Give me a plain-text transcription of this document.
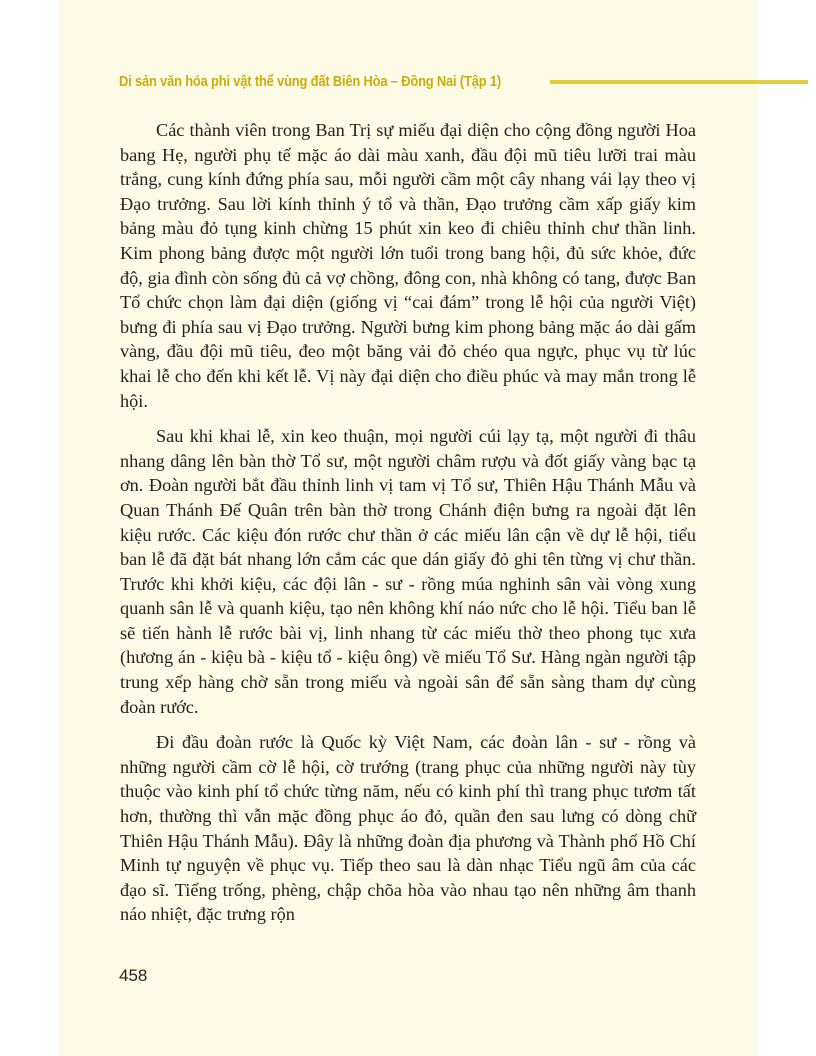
Di sản văn hóa phi vật thể vùng đất Biên Hòa – Đồng Nai (Tập 1)

Các thành viên trong Ban Trị sự miếu đại diện cho cộng đồng người Hoa bang Hẹ, người phụ tế mặc áo dài màu xanh, đầu đội mũ tiêu lưỡi trai màu trắng, cung kính đứng phía sau, mỗi người cầm một cây nhang vái lạy theo vị Đạo trưởng. Sau lời kính thỉnh ý tổ và thần, Đạo trưởng cầm xấp giấy kim bảng màu đỏ tụng kinh chừng 15 phút xin keo đi chiêu thỉnh chư thần linh. Kim phong bảng được một người lớn tuổi trong bang hội, đủ sức khỏe, đức độ, gia đình còn sống đủ cả vợ chồng, đông con, nhà không có tang, được Ban Tổ chức chọn làm đại diện (giống vị “cai đám” trong lễ hội của người Việt) bưng đi phía sau vị Đạo trưởng. Người bưng kim phong bảng mặc áo dài gấm vàng, đầu đội mũ tiêu, đeo một băng vải đỏ chéo qua ngực, phục vụ từ lúc khai lễ cho đến khi kết lễ. Vị này đại diện cho điều phúc và may mắn trong lễ hội.

Sau khi khai lễ, xin keo thuận, mọi người cúi lạy tạ, một người đi thâu nhang dâng lên bàn thờ Tổ sư, một người châm rượu và đốt giấy vàng bạc tạ ơn. Đoàn người bắt đầu thỉnh linh vị tam vị Tổ sư, Thiên Hậu Thánh Mẫu và Quan Thánh Đế Quân trên bàn thờ trong Chánh điện bưng ra ngoài đặt lên kiệu rước. Các kiệu đón rước chư thần ở các miếu lân cận về dự lễ hội, tiểu ban lễ đã đặt bát nhang lớn cắm các que dán giấy đỏ ghi tên từng vị chư thần. Trước khi khởi kiệu, các đội lân - sư - rồng múa nghinh sân vài vòng xung quanh sân lễ và quanh kiệu, tạo nên không khí náo nức cho lễ hội. Tiểu ban lễ sẽ tiến hành lễ rước bài vị, linh nhang từ các miếu thờ theo phong tục xưa (hương án - kiệu bà - kiệu tổ - kiệu ông) về miếu Tổ Sư. Hàng ngàn người tập trung xếp hàng chờ sẵn trong miếu và ngoài sân để sẵn sàng tham dự cùng đoàn rước.

Đi đầu đoàn rước là Quốc kỳ Việt Nam, các đoàn lân - sư - rồng và những người cầm cờ lễ hội, cờ trướng (trang phục của những người này tùy thuộc vào kinh phí tổ chức từng năm, nếu có kinh phí thì trang phục tươm tất hơn, thường thì vẫn mặc đồng phục áo đỏ, quần đen sau lưng có dòng chữ Thiên Hậu Thánh Mẫu). Đây là những đoàn địa phương và Thành phố Hồ Chí Minh tự nguyện về phục vụ. Tiếp theo sau là dàn nhạc Tiểu ngũ âm của các đạo sĩ. Tiếng trống, phèng, chập chõa hòa vào nhau tạo nên những âm thanh náo nhiệt, đặc trưng rộn

458
